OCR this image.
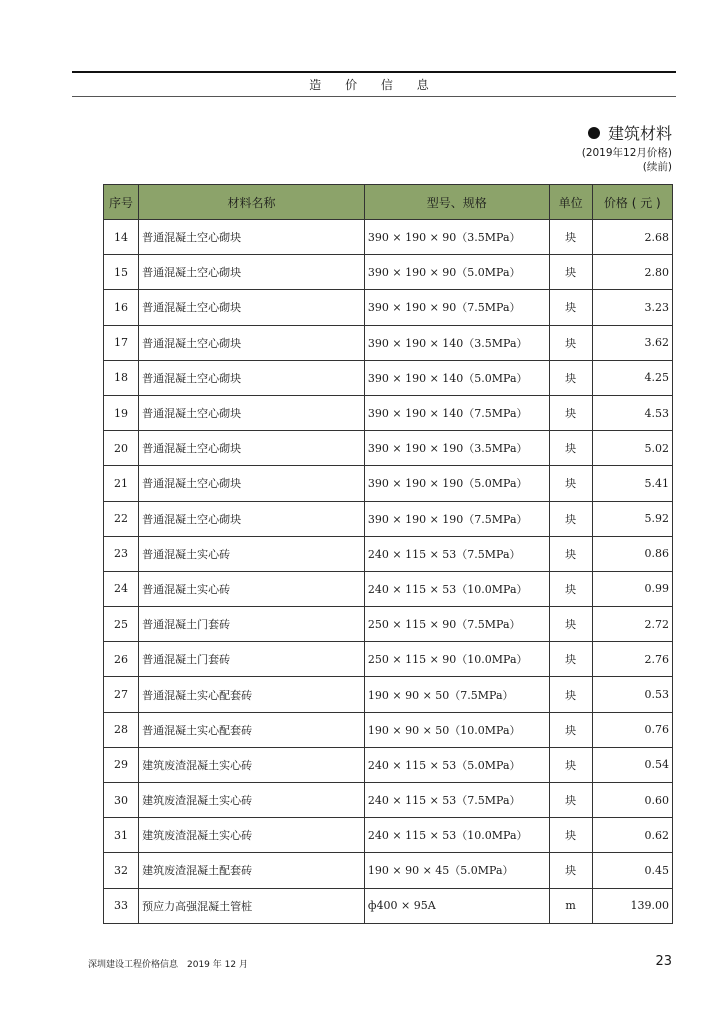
造 价 信 息
建筑材料
(2019年12月价格)
(续前)
序号	材料名称	型号、规格	单位	价格 ( 元 )
14	普通混凝土空心砌块	390 × 190 × 90（3.5MPa）	块	2.68
15	普通混凝土空心砌块	390 × 190 × 90（5.0MPa）	块	2.80
16	普通混凝土空心砌块	390 × 190 × 90（7.5MPa）	块	3.23
17	普通混凝土空心砌块	390 × 190 × 140（3.5MPa）	块	3.62
18	普通混凝土空心砌块	390 × 190 × 140（5.0MPa）	块	4.25
19	普通混凝土空心砌块	390 × 190 × 140（7.5MPa）	块	4.53
20	普通混凝土空心砌块	390 × 190 × 190（3.5MPa）	块	5.02
21	普通混凝土空心砌块	390 × 190 × 190（5.0MPa）	块	5.41
22	普通混凝土空心砌块	390 × 190 × 190（7.5MPa）	块	5.92
23	普通混凝土实心砖	240 × 115 × 53（7.5MPa）	块	0.86
24	普通混凝土实心砖	240 × 115 × 53（10.0MPa）	块	0.99
25	普通混凝土门套砖	250 × 115 × 90（7.5MPa）	块	2.72
26	普通混凝土门套砖	250 × 115 × 90（10.0MPa）	块	2.76
27	普通混凝土实心配套砖	190 × 90 × 50（7.5MPa）	块	0.53
28	普通混凝土实心配套砖	190 × 90 × 50（10.0MPa）	块	0.76
29	建筑废渣混凝土实心砖	240 × 115 × 53（5.0MPa）	块	0.54
30	建筑废渣混凝土实心砖	240 × 115 × 53（7.5MPa）	块	0.60
31	建筑废渣混凝土实心砖	240 × 115 × 53（10.0MPa）	块	0.62
32	建筑废渣混凝土配套砖	190 × 90 × 45（5.0MPa）	块	0.45
33	预应力高强混凝土管桩	ф400 × 95A	m	139.00
深圳建设工程价格信息　2019 年 12 月	23
